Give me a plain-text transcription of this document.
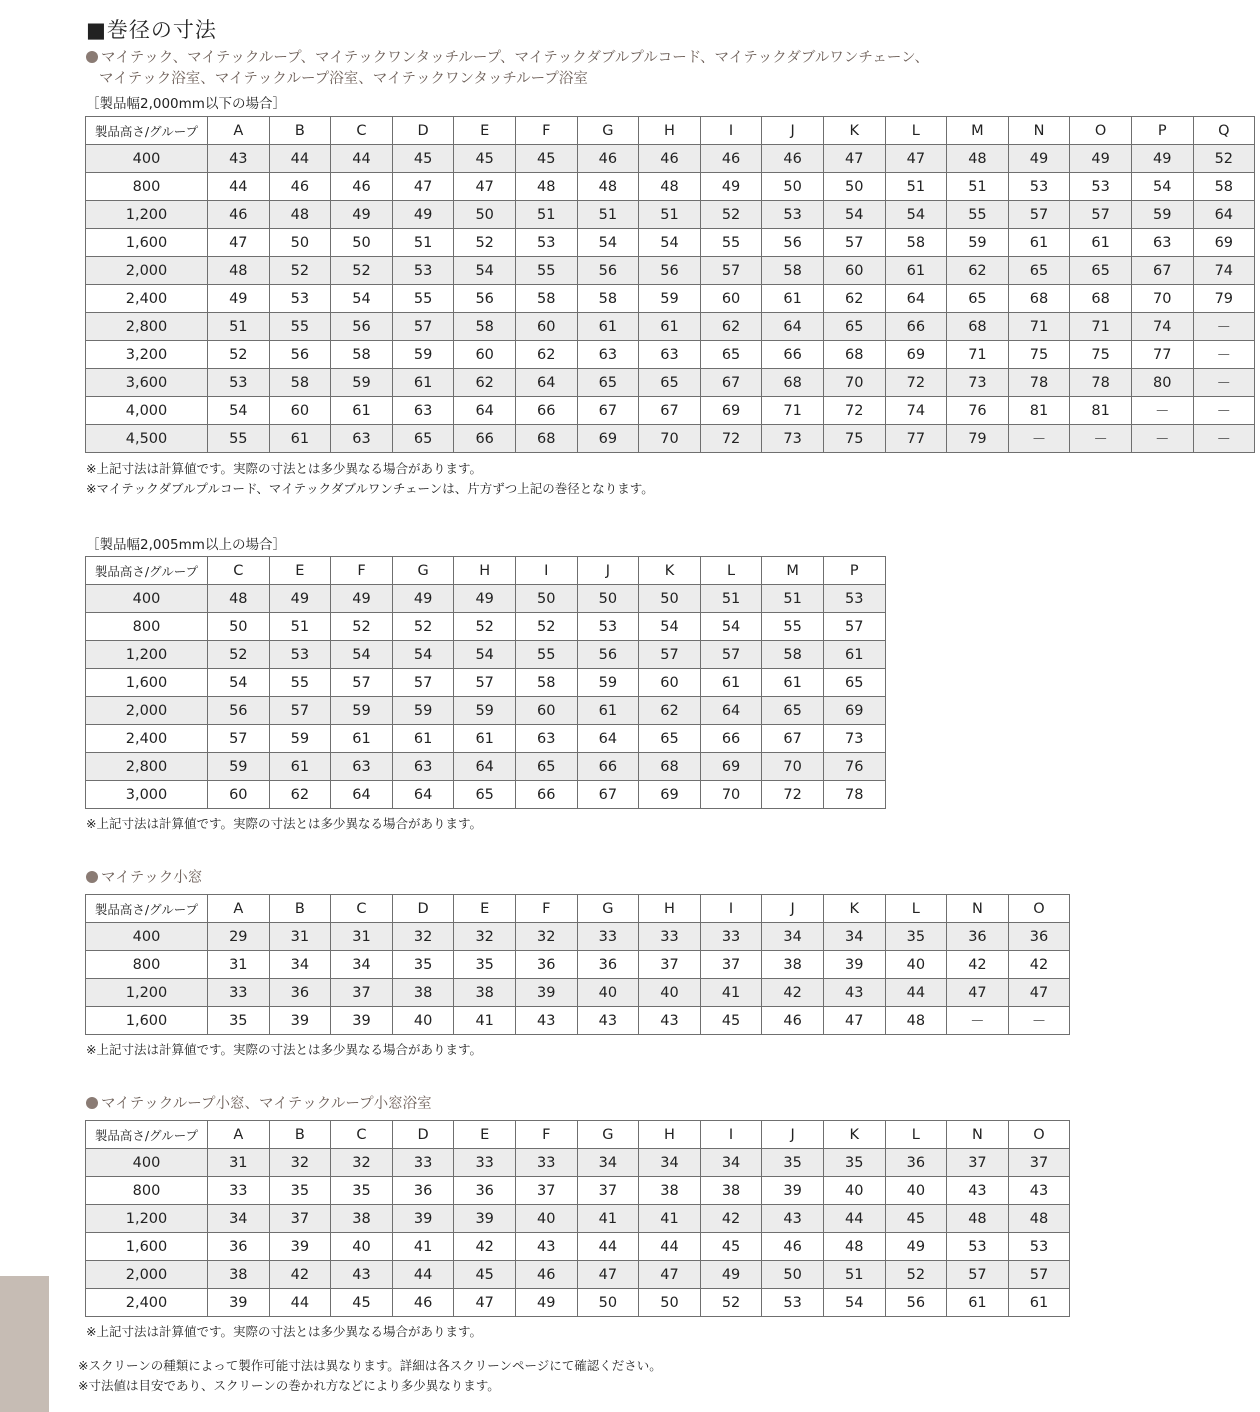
■巻径の寸法
マイテック、マイテックループ、マイテックワンタッチループ、マイテックダブルプルコード、マイテックダブルワンチェーン、
マイテック浴室、マイテックループ浴室、マイテックワンタッチループ浴室
［製品幅2,000mm以下の場合］
製品高さ/グループ	A	B	C	D	E	F	G	H	I	J	K	L	M	N	O	P	Q
400	43	44	44	45	45	45	46	46	46	46	47	47	48	49	49	49	52
800	44	46	46	47	47	48	48	48	49	50	50	51	51	53	53	54	58
1,200	46	48	49	49	50	51	51	51	52	53	54	54	55	57	57	59	64
1,600	47	50	50	51	52	53	54	54	55	56	57	58	59	61	61	63	69
2,000	48	52	52	53	54	55	56	56	57	58	60	61	62	65	65	67	74
2,400	49	53	54	55	56	58	58	59	60	61	62	64	65	68	68	70	79
2,800	51	55	56	57	58	60	61	61	62	64	65	66	68	71	71	74	－
3,200	52	56	58	59	60	62	63	63	65	66	68	69	71	75	75	77	－
3,600	53	58	59	61	62	64	65	65	67	68	70	72	73	78	78	80	－
4,000	54	60	61	63	64	66	67	67	69	71	72	74	76	81	81	－	－
4,500	55	61	63	65	66	68	69	70	72	73	75	77	79	－	－	－	－
※上記寸法は計算値です。実際の寸法とは多少異なる場合があります。
※マイテックダブルプルコード、マイテックダブルワンチェーンは、片方ずつ上記の巻径となります。
［製品幅2,005mm以上の場合］
製品高さ/グループ	C	E	F	G	H	I	J	K	L	M	P
400	48	49	49	49	49	50	50	50	51	51	53
800	50	51	52	52	52	52	53	54	54	55	57
1,200	52	53	54	54	54	55	56	57	57	58	61
1,600	54	55	57	57	57	58	59	60	61	61	65
2,000	56	57	59	59	59	60	61	62	64	65	69
2,400	57	59	61	61	61	63	64	65	66	67	73
2,800	59	61	63	63	64	65	66	68	69	70	76
3,000	60	62	64	64	65	66	67	69	70	72	78
※上記寸法は計算値です。実際の寸法とは多少異なる場合があります。
マイテック小窓
製品高さ/グループ	A	B	C	D	E	F	G	H	I	J	K	L	N	O
400	29	31	31	32	32	32	33	33	33	34	34	35	36	36
800	31	34	34	35	35	36	36	37	37	38	39	40	42	42
1,200	33	36	37	38	38	39	40	40	41	42	43	44	47	47
1,600	35	39	39	40	41	43	43	43	45	46	47	48	－	－
※上記寸法は計算値です。実際の寸法とは多少異なる場合があります。
マイテックループ小窓、マイテックループ小窓浴室
製品高さ/グループ	A	B	C	D	E	F	G	H	I	J	K	L	N	O
400	31	32	32	33	33	33	34	34	34	35	35	36	37	37
800	33	35	35	36	36	37	37	38	38	39	40	40	43	43
1,200	34	37	38	39	39	40	41	41	42	43	44	45	48	48
1,600	36	39	40	41	42	43	44	44	45	46	48	49	53	53
2,000	38	42	43	44	45	46	47	47	49	50	51	52	57	57
2,400	39	44	45	46	47	49	50	50	52	53	54	56	61	61
※上記寸法は計算値です。実際の寸法とは多少異なる場合があります。
※スクリーンの種類によって製作可能寸法は異なります。詳細は各スクリーンページにて確認ください。
※寸法値は目安であり、スクリーンの巻かれ方などにより多少異なります。
